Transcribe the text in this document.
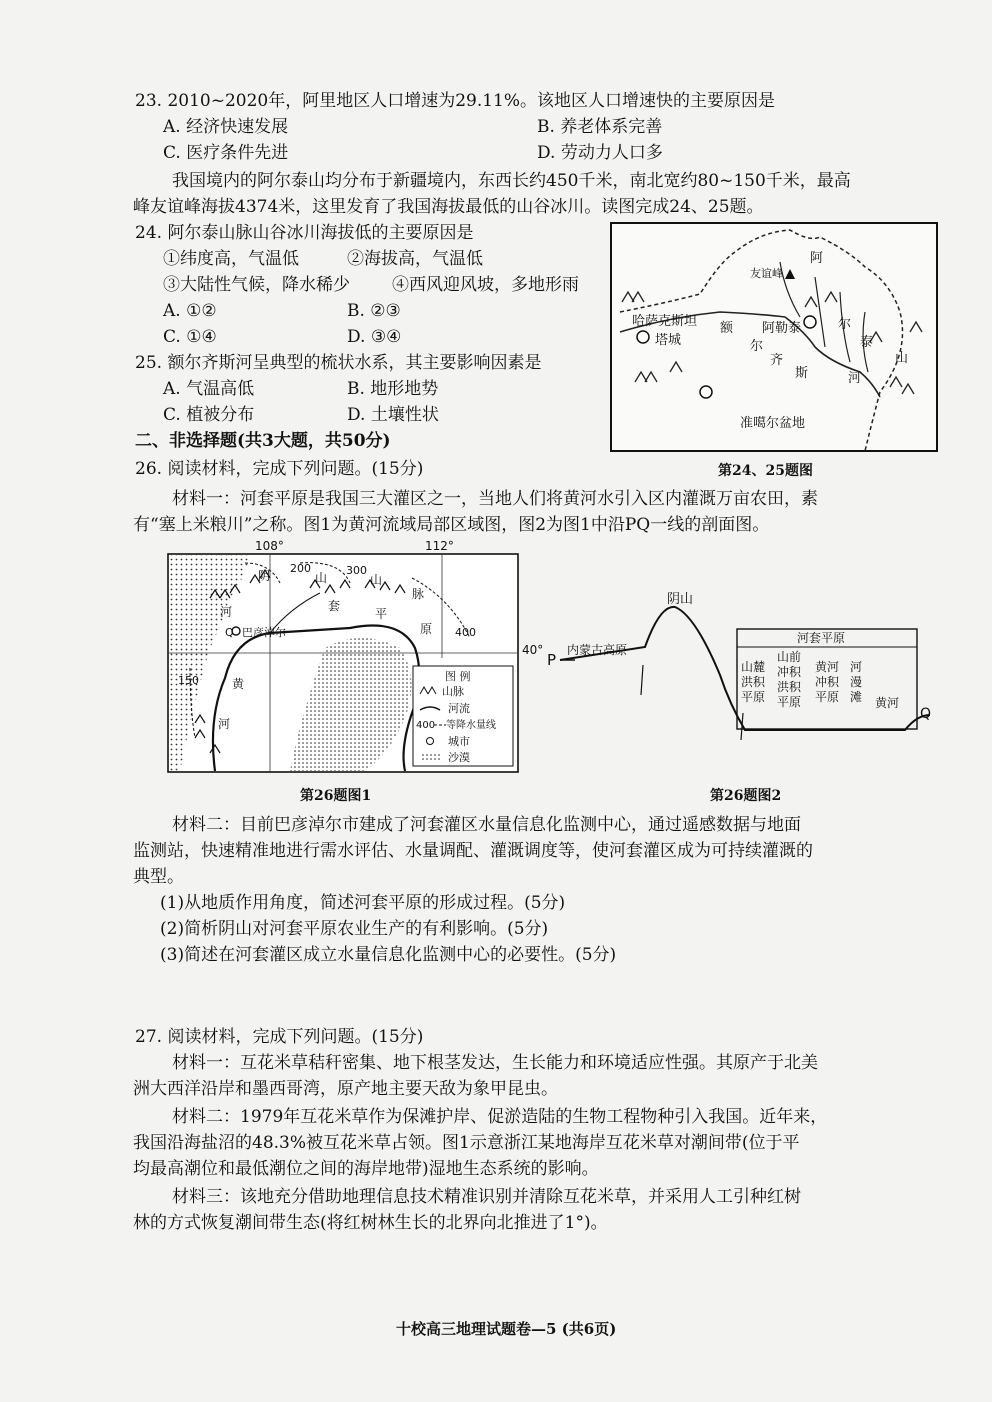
23. 2010~2020年，阿里地区人口增速为29.11%。该地区人口增速快的主要原因是
A. 经济快速发展	B. 养老体系完善
C. 医疗条件先进	D. 劳动力人口多
我国境内的阿尔泰山均分布于新疆境内，东西长约450千米，南北宽约80~150千米，最高
峰友谊峰海拔4374米，这里发育了我国海拔最低的山谷冰川。读图完成24、25题。
24. 阿尔泰山脉山谷冰川海拔低的主要原因是
①纬度高，气温低	②海拔高，气温低
③大陆性气候，降水稀少 ④西风迎风坡，多地形雨
A. ①②	B. ②③
C. ①④	D. ③④
25. 额尔齐斯河呈典型的梳状水系，其主要影响因素是
A. 气温高低	B. 地形地势
C. 植被分布	D. 土壤性状
二、非选择题(共3大题，共50分)
哈萨克斯坦
友谊峰
阿
尔
泰
山
额 阿勒泰
尔
齐
斯	河
塔城
准噶尔盆地
第24、25题图
26. 阅读材料，完成下列问题。(15分)
材料一：河套平原是我国三大灌区之一，当地人们将黄河水引入区内灌溉万亩农田，素
有“塞上米粮川”之称。图1为黄河流域局部区域图，图2为图1中沿PQ一线的剖面图。
108°	112°
40°
200	300
400
150
阴	山	山
脉
河	套
平
原
黄
河
Q 巴彦淖尔
图 例
山脉
河流
400 等降水量线
城市
沙漠
第26题图1
阴山
P
内蒙古高原
河套平原
山麓
洪积
平原
山前
冲积
洪积
平原
黄河
冲积
平原
河
漫
滩 黄河
Q
第26题图2
材料二：目前巴彦淖尔市建成了河套灌区水量信息化监测中心，通过遥感数据与地面
监测站，快速精准地进行需水评估、水量调配、灌溉调度等，使河套灌区成为可持续灌溉的
典型。
(1)从地质作用角度，简述河套平原的形成过程。(5分)
(2)简析阴山对河套平原农业生产的有利影响。(5分)
(3)简述在河套灌区成立水量信息化监测中心的必要性。(5分)
27. 阅读材料，完成下列问题。(15分)
材料一：互花米草秸秆密集、地下根茎发达，生长能力和环境适应性强。其原产于北美
洲大西洋沿岸和墨西哥湾，原产地主要天敌为象甲昆虫。
材料二：1979年互花米草作为保滩护岸、促淤造陆的生物工程物种引入我国。近年来，
我国沿海盐沼的48.3%被互花米草占领。图1示意浙江某地海岸互花米草对潮间带(位于平
均最高潮位和最低潮位之间的海岸地带)湿地生态系统的影响。
材料三：该地充分借助地理信息技术精准识别并清除互花米草，并采用人工引种红树
林的方式恢复潮间带生态(将红树林生长的北界向北推进了1°)。
十校高三地理试题卷—5 (共6页)
